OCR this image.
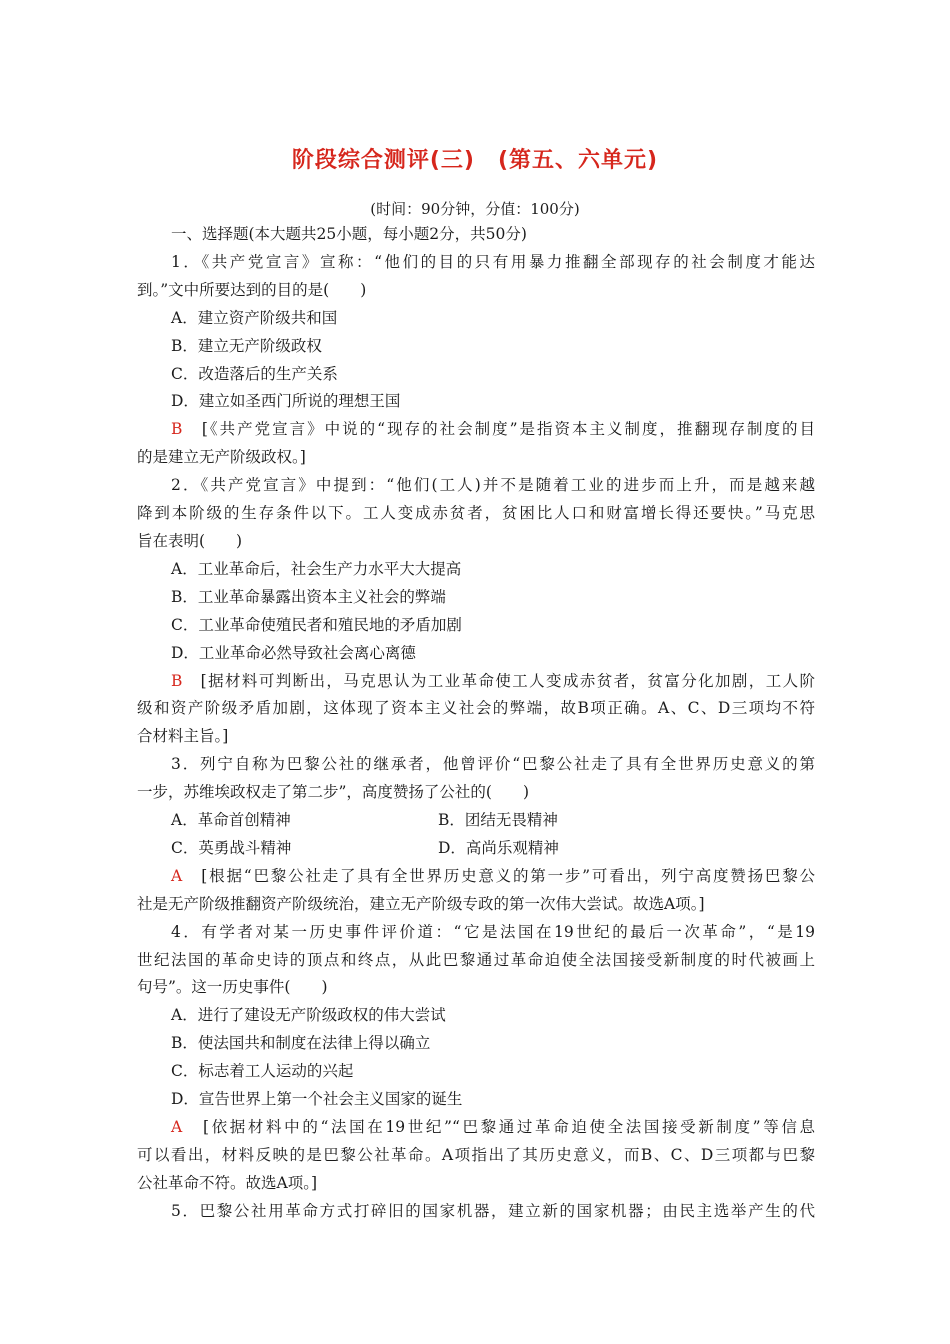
阶段综合测评(三)　(第五、六单元)
(时间：90分钟，分值：100分)
一、选择题(本大题共25小题，每小题2分，共50分)
1．《共产党宣言》宣称：“他们的目的只有用暴力推翻全部现存的社会制度才能达
到。”文中所要达到的目的是(　　)
A．建立资产阶级共和国
B．建立无产阶级政权
C．改造落后的生产关系
D．建立如圣西门所说的理想王国
B　[《共产党宣言》中说的“现存的社会制度”是指资本主义制度，推翻现存制度的目
的是建立无产阶级政权。]
2．《共产党宣言》中提到：“他们(工人)并不是随着工业的进步而上升，而是越来越
降到本阶级的生存条件以下。工人变成赤贫者，贫困比人口和财富增长得还要快。”马克思
旨在表明(　　)
A．工业革命后，社会生产力水平大大提高
B．工业革命暴露出资本主义社会的弊端
C．工业革命使殖民者和殖民地的矛盾加剧
D．工业革命必然导致社会离心离德
B　[据材料可判断出，马克思认为工业革命使工人变成赤贫者，贫富分化加剧，工人阶
级和资产阶级矛盾加剧，这体现了资本主义社会的弊端，故B项正确。A、C、D三项均不符
合材料主旨。]
3．列宁自称为巴黎公社的继承者，他曾评价“巴黎公社走了具有全世界历史意义的第
一步，苏维埃政权走了第二步”，高度赞扬了公社的(　　)
A．革命首创精神	B．团结无畏精神
C．英勇战斗精神	D．高尚乐观精神
A　[根据“巴黎公社走了具有全世界历史意义的第一步”可看出，列宁高度赞扬巴黎公
社是无产阶级推翻资产阶级统治，建立无产阶级专政的第一次伟大尝试。故选A项。]
4．有学者对某一历史事件评价道：“它是法国在19世纪的最后一次革命”，“是19
世纪法国的革命史诗的顶点和终点，从此巴黎通过革命迫使全法国接受新制度的时代被画上
句号”。这一历史事件(　　)
A．进行了建设无产阶级政权的伟大尝试
B．使法国共和制度在法律上得以确立
C．标志着工人运动的兴起
D．宣告世界上第一个社会主义国家的诞生
A　[依据材料中的“法国在19世纪”“巴黎通过革命迫使全法国接受新制度”等信息
可以看出，材料反映的是巴黎公社革命。A项指出了其历史意义，而B、C、D三项都与巴黎
公社革命不符。故选A项。]
5．巴黎公社用革命方式打碎旧的国家机器，建立新的国家机器；由民主选举产生的代
